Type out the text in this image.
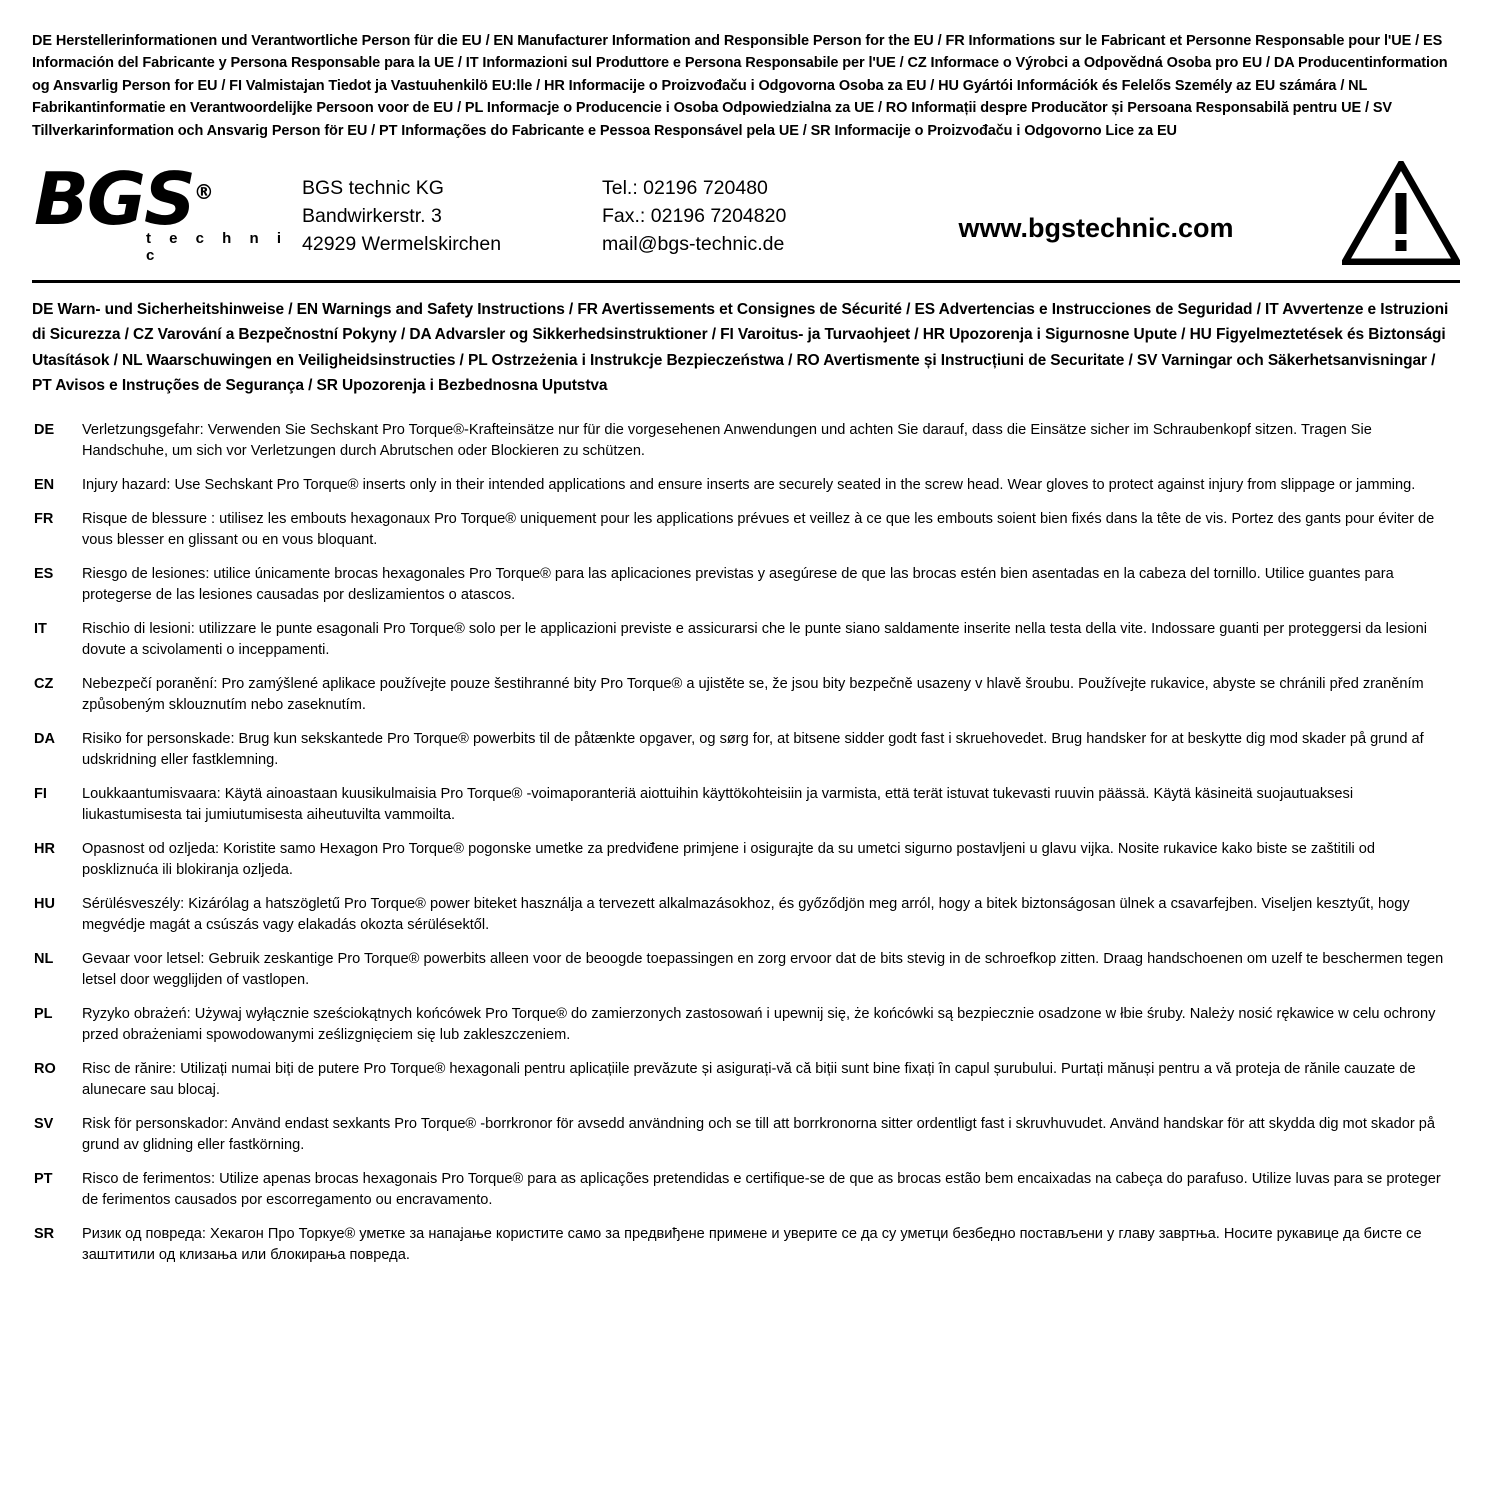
DE Herstellerinformationen und Verantwortliche Person für die EU / EN Manufacturer Information and Responsible Person for the EU / FR Informations sur le Fabricant et Personne Responsable pour l'UE / ES Información del Fabricante y Persona Responsable para la UE / IT Informazioni sul Produttore e Persona Responsabile per l'UE / CZ Informace o Výrobci a Odpovědná Osoba pro EU / DA Producentinformation og Ansvarlig Person for EU / FI Valmistajan Tiedot ja Vastuuhenkilö EU:lle / HR Informacije o Proizvođaču i Odgovorna Osoba za EU / HU Gyártói Információk és Felelős Személy az EU számára / NL Fabrikantinformatie en Verantwoordelijke Persoon voor de EU / PL Informacje o Producencie i Osoba Odpowiedzialna za UE / RO Informații despre Producător și Persoana Responsabilă pentru UE / SV Tillverkarinformation och Ansvarig Person för EU / PT Informações do Fabricante e Pessoa Responsável pela UE / SR Informacije o Proizvođaču i Odgovorno Lice za EU
BGS®
t e c h n i c
BGS technic KG
Bandwirkerstr. 3
42929 Wermelskirchen
Tel.: 02196 720480
Fax.: 02196 7204820
mail@bgs-technic.de
www.bgstechnic.com
DE Warn- und Sicherheitshinweise / EN Warnings and Safety Instructions / FR Avertissements et Consignes de Sécurité / ES Advertencias e Instrucciones de Seguridad / IT Avvertenze e Istruzioni di Sicurezza / CZ Varování a Bezpečnostní Pokyny / DA Advarsler og Sikkerhedsinstruktioner / FI Varoitus- ja Turvaohjeet / HR Upozorenja i Sigurnosne Upute / HU Figyelmeztetések és Biztonsági Utasítások / NL Waarschuwingen en Veiligheidsinstructies / PL Ostrzeżenia i Instrukcje Bezpieczeństwa / RO Avertismente și Instrucțiuni de Securitate / SV Varningar och Säkerhetsanvisningar / PT Avisos e Instruções de Segurança / SR Upozorenja i Bezbednosna Uputstva
DE	Verletzungsgefahr: Verwenden Sie Sechskant Pro Torque®-Krafteinsätze nur für die vorgesehenen Anwendungen und achten Sie darauf, dass die Einsätze sicher im Schraubenkopf sitzen. Tragen Sie Handschuhe, um sich vor Verletzungen durch Abrutschen oder Blockieren zu schützen.
EN	Injury hazard: Use Sechskant Pro Torque® inserts only in their intended applications and ensure inserts are securely seated in the screw head. Wear gloves to protect against injury from slippage or jamming.
FR	Risque de blessure : utilisez les embouts hexagonaux Pro Torque® uniquement pour les applications prévues et veillez à ce que les embouts soient bien fixés dans la tête de vis. Portez des gants pour éviter de vous blesser en glissant ou en vous bloquant.
ES	Riesgo de lesiones: utilice únicamente brocas hexagonales Pro Torque® para las aplicaciones previstas y asegúrese de que las brocas estén bien asentadas en la cabeza del tornillo. Utilice guantes para protegerse de las lesiones causadas por deslizamientos o atascos.
IT	Rischio di lesioni: utilizzare le punte esagonali Pro Torque® solo per le applicazioni previste e assicurarsi che le punte siano saldamente inserite nella testa della vite. Indossare guanti per proteggersi da lesioni dovute a scivolamenti o inceppamenti.
CZ	Nebezpečí poranění: Pro zamýšlené aplikace používejte pouze šestihranné bity Pro Torque® a ujistěte se, že jsou bity bezpečně usazeny v hlavě šroubu. Používejte rukavice, abyste se chránili před zraněním způsobeným sklouznutím nebo zaseknutím.
DA	Risiko for personskade: Brug kun sekskantede Pro Torque® powerbits til de påtænkte opgaver, og sørg for, at bitsene sidder godt fast i skruehovedet. Brug handsker for at beskytte dig mod skader på grund af udskridning eller fastklemning.
FI	Loukkaantumisvaara: Käytä ainoastaan kuusikulmaisia Pro Torque® -voimaporanteriä aiottuihin käyttökohteisiin ja varmista, että terät istuvat tukevasti ruuvin päässä. Käytä käsineitä suojautuaksesi liukastumisesta tai jumiutumisesta aiheutuvilta vammoilta.
HR	Opasnost od ozljeda: Koristite samo Hexagon Pro Torque® pogonske umetke za predviđene primjene i osigurajte da su umetci sigurno postavljeni u glavu vijka. Nosite rukavice kako biste se zaštitili od poskliznuća ili blokiranja ozljeda.
HU	Sérülésveszély: Kizárólag a hatszögletű Pro Torque® power biteket használja a tervezett alkalmazásokhoz, és győződjön meg arról, hogy a bitek biztonságosan ülnek a csavarfejben. Viseljen kesztyűt, hogy megvédje magát a csúszás vagy elakadás okozta sérülésektől.
NL	Gevaar voor letsel: Gebruik zeskantige Pro Torque® powerbits alleen voor de beoogde toepassingen en zorg ervoor dat de bits stevig in de schroefkop zitten. Draag handschoenen om uzelf te beschermen tegen letsel door wegglijden of vastlopen.
PL	Ryzyko obrażeń: Używaj wyłącznie sześciokątnych końcówek Pro Torque® do zamierzonych zastosowań i upewnij się, że końcówki są bezpiecznie osadzone w łbie śruby. Należy nosić rękawice w celu ochrony przed obrażeniami spowodowanymi ześlizgnięciem się lub zakleszczeniem.
RO	Risc de rănire: Utilizați numai biți de putere Pro Torque® hexagonali pentru aplicațiile prevăzute și asigurați-vă că biții sunt bine fixați în capul șurubului. Purtați mănuși pentru a vă proteja de rănile cauzate de alunecare sau blocaj.
SV	Risk för personskador: Använd endast sexkants Pro Torque® -borrkronor för avsedd användning och se till att borrkronorna sitter ordentligt fast i skruvhuvudet. Använd handskar för att skydda dig mot skador på grund av glidning eller fastkörning.
PT	Risco de ferimentos: Utilize apenas brocas hexagonais Pro Torque® para as aplicações pretendidas e certifique-se de que as brocas estão bem encaixadas na cabeça do parafuso. Utilize luvas para se proteger de ferimentos causados por escorregamento ou encravamento.
SR	Ризик од повреда: Хекагон Про Торкуе® уметке за напајање користите само за предвиђене примене и уверите се да су уметци безбедно постављени у главу завртња. Носите рукавице да бисте се заштитили од клизања или блокирања повреда.
